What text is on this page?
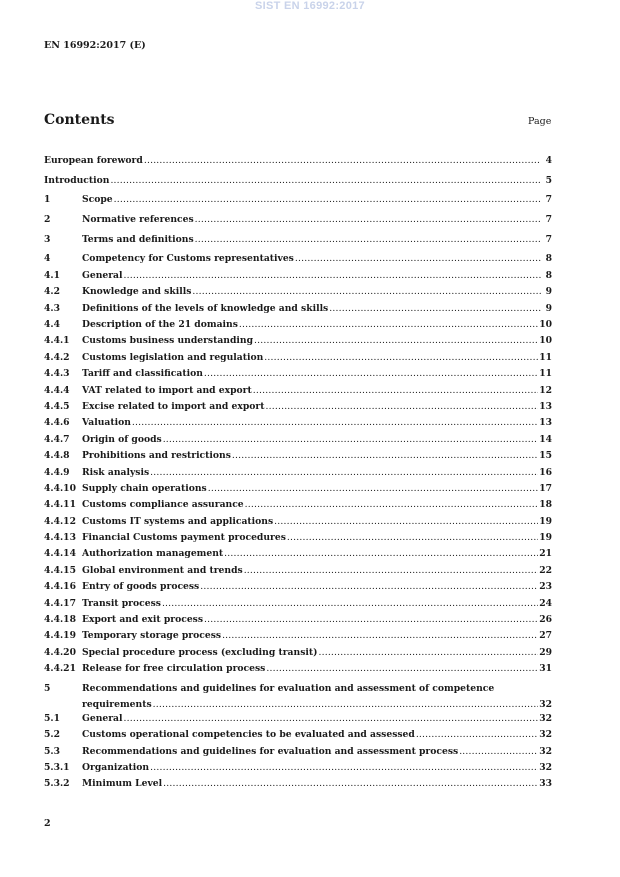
SIST EN 16992:2017
EN 16992:2017 (E)
Contents	Page
European foreword .....	4
Introduction .....	5
1	Scope .....	7
2	Normative references .....	7
3	Terms and definitions .....	7
4	Competency for Customs representatives .....	8
4.1	General .....	8
4.2	Knowledge and skills .....	9
4.3	Definitions of the levels of knowledge and skills .....	9
4.4	Description of the 21 domains .....	10
4.4.1	Customs business understanding .....	10
4.4.2	Customs legislation and regulation .....	11
4.4.3	Tariff and classification .....	11
4.4.4	VAT related to import and export .....	12
4.4.5	Excise related to import and export .....	13
4.4.6	Valuation .....	13
4.4.7	Origin of goods .....	14
4.4.8	Prohibitions and restrictions .....	15
4.4.9	Risk analysis .....	16
4.4.10 Supply chain operations .....	17
4.4.11 Customs compliance assurance .....	18
4.4.12 Customs IT systems and applications .....	19
4.4.13 Financial Customs payment procedures .....	19
4.4.14 Authorization management .....	21
4.4.15 Global environment and trends .....	22
4.4.16 Entry of goods process .....	23
4.4.17 Transit process .....	24
4.4.18 Export and exit process .....	26
4.4.19 Temporary storage process .....	27
4.4.20 Special procedure process (excluding transit) .....	29
4.4.21 Release for free circulation process .....	31
5	Recommendations and guidelines for evaluation and assessment of competence
requirements .....	32
5.1	General .....	32
5.2	Customs operational competencies to be evaluated and assessed .....	32
5.3	Recommendations and guidelines for evaluation and assessment process .....	32
5.3.1	Organization .....	32
5.3.2	Minimum Level .....	33
2
